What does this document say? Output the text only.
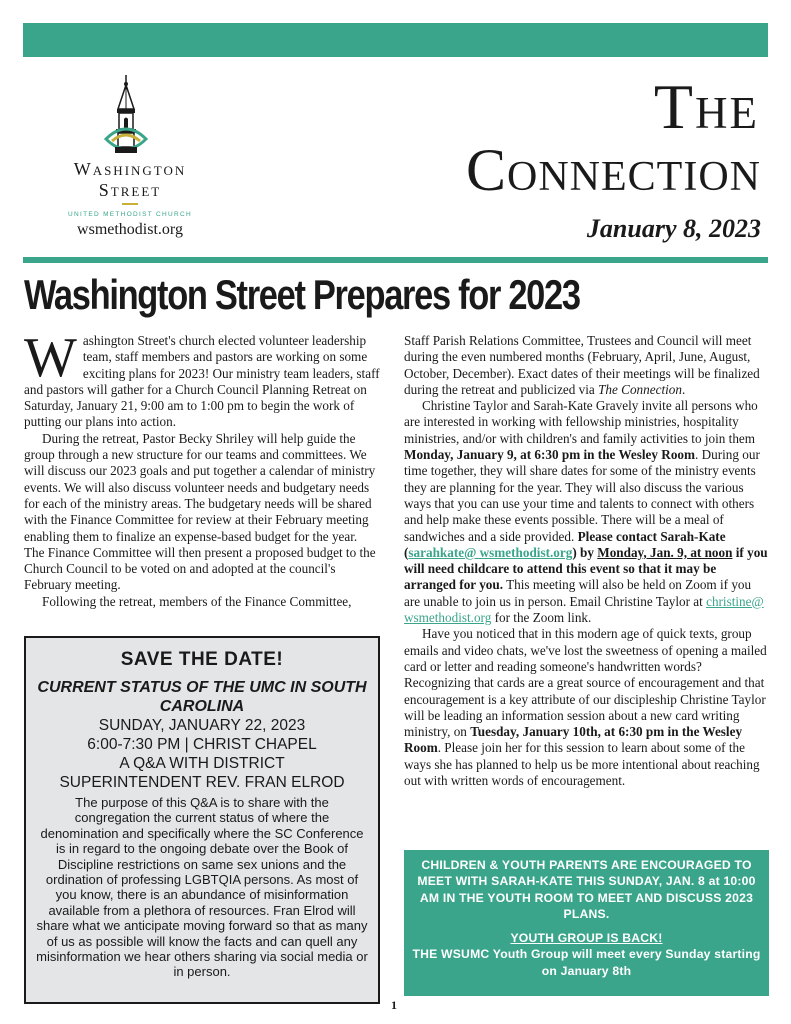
Washington
Street
UNITED METHODIST CHURCH
wsmethodist.org
The
Connection
January 8, 2023
Washington Street Prepares for 2023

Washington Street's church elected volunteer leadership team, staff members and pastors are working on some exciting plans for 2023! Our ministry team leaders, staff and pastors will gather for a Church Council Planning Retreat on Saturday, January 21, 9:00 am to 1:00 pm to begin the work of putting our plans into action.

During the retreat, Pastor Becky Shriley will help guide the group through a new structure for our teams and committees. We will discuss our 2023 goals and put together a calendar of ministry events. We will also discuss volunteer needs and budgetary needs for each of the ministry areas. The budgetary needs will be shared with the Finance Committee for review at their February meeting enabling them to finalize an expense-based budget for the year. The Finance Committee will then present a proposed budget to the Church Council to be voted on and adopted at the council's February meeting.

Following the retreat, members of the Finance Committee,

Staff Parish Relations Committee, Trustees and Council will meet during the even numbered months (February, April, June, August, October, December). Exact dates of their meetings will be finalized during the retreat and publicized via The Connection.

Christine Taylor and Sarah-Kate Gravely invite all persons who are interested in working with fellowship ministries, hospitality ministries, and/or with children's and family activities to join them Monday, January 9, at 6:30 pm in the Wesley Room. During our time together, they will share dates for some of the ministry events they are planning for the year. They will also discuss the various ways that you can use your time and talents to connect with others and help make these events possible. There will be a meal of sandwiches and a side provided. Please contact Sarah-Kate (sarahkate@ wsmethodist.org) by Monday, Jan. 9, at noon if you will need childcare to attend this event so that it may be arranged for you. This meeting will also be held on Zoom if you are unable to join us in person. Email Christine Taylor at christine@ wsmethodist.org for the Zoom link.

Have you noticed that in this modern age of quick texts, group emails and video chats, we've lost the sweetness of opening a mailed card or letter and reading someone's handwritten words? Recognizing that cards are a great source of encouragement and that encouragement is a key attribute of our discipleship Christine Taylor will be leading an information session about a new card writing ministry, on Tuesday, January 10th, at 6:30 pm in the Wesley Room. Please join her for this session to learn about some of the ways she has planned to help us be more intentional about reaching out with written words of encouragement.

SAVE THE DATE!
CURRENT STATUS OF THE UMC IN SOUTH CAROLINA
SUNDAY, JANUARY 22, 2023
6:00-7:30 PM | CHRIST CHAPEL
A Q&A WITH DISTRICT
SUPERINTENDENT REV. FRAN ELROD
The purpose of this Q&A is to share with the congregation the current status of where the denomination and specifically where the SC Conference is in regard to the ongoing debate over the Book of Discipline restrictions on same sex unions and the ordination of professing LGBTQIA persons. As most of you know, there is an abundance of misinformation available from a plethora of resources. Fran Elrod will share what we anticipate moving forward so that as many of us as possible will know the facts and can quell any misinformation we hear others sharing via social media or in person.
CHILDREN & YOUTH PARENTS ARE ENCOURAGED TO MEET WITH SARAH-KATE THIS SUNDAY, JAN. 8 at 10:00 AM IN THE YOUTH ROOM TO MEET AND DISCUSS 2023 PLANS.
YOUTH GROUP IS BACK!
THE WSUMC Youth Group will meet every Sunday starting on January 8th
1
